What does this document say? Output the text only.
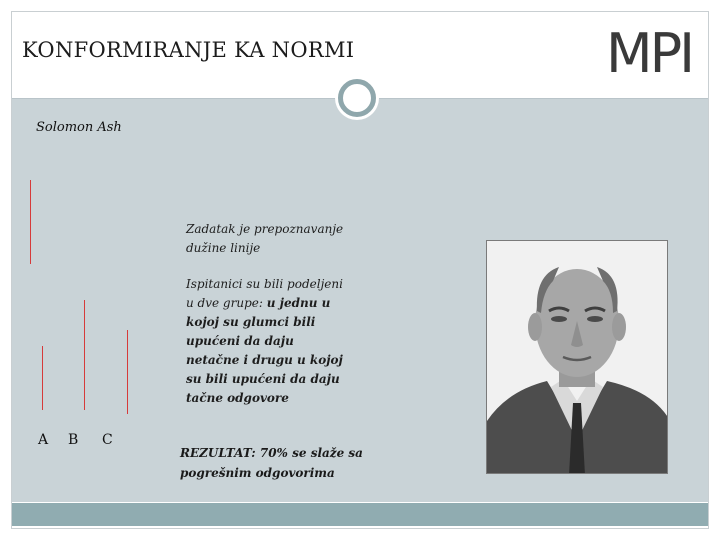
KONFORMIRANJE KA NORMI	MPI
Solomon Ash
A B C
Zadatak je prepoznavanje dužine linije
Ispitanici su bili podeljeni u dve grupe: u jednu u kojoj su glumci bili upućeni da daju netačne i drugu u kojoj su bili upućeni da daju tačne odgovore
REZULTAT: 70% se slaže sa pogrešnim odgovorima
